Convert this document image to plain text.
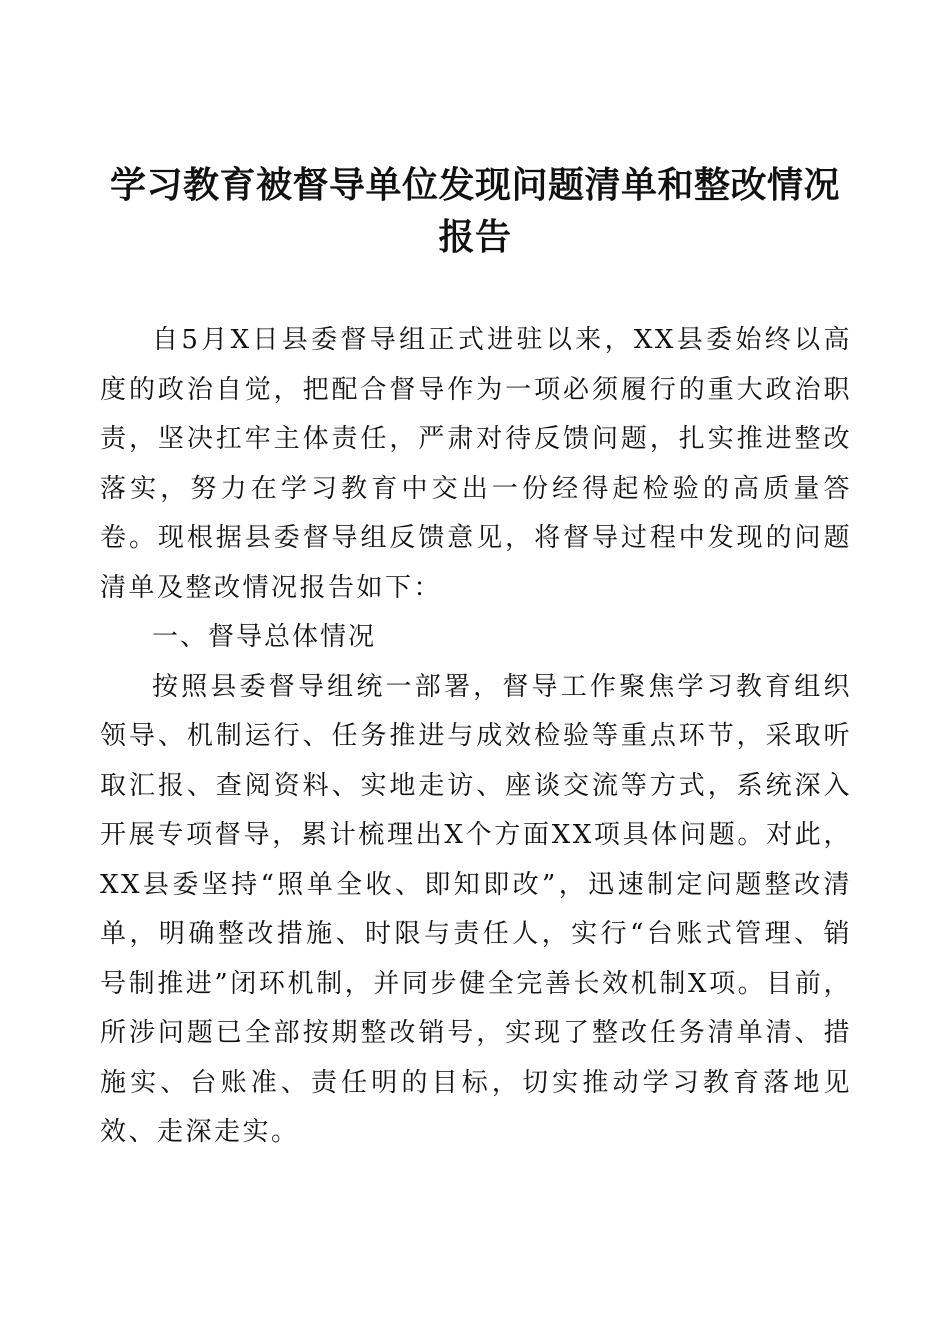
学习教育被督导单位发现问题清单和整改情况报告

自5月X日县委督导组正式进驻以来，XX县委始终以高度的政治自觉，把配合督导作为一项必须履行的重大政治职责，坚决扛牢主体责任，严肃对待反馈问题，扎实推进整改落实，努力在学习教育中交出一份经得起检验的高质量答卷。现根据县委督导组反馈意见，将督导过程中发现的问题清单及整改情况报告如下：

一、督导总体情况

按照县委督导组统一部署，督导工作聚焦学习教育组织领导、机制运行、任务推进与成效检验等重点环节，采取听取汇报、查阅资料、实地走访、座谈交流等方式，系统深入开展专项督导，累计梳理出X个方面XX项具体问题。对此，XX县委坚持“照单全收、即知即改”，迅速制定问题整改清单，明确整改措施、时限与责任人，实行“台账式管理、销号制推进”闭环机制，并同步健全完善长效机制X项。目前，所涉问题已全部按期整改销号，实现了整改任务清单清、措施实、台账准、责任明的目标，切实推动学习教育落地见效、走深走实。
